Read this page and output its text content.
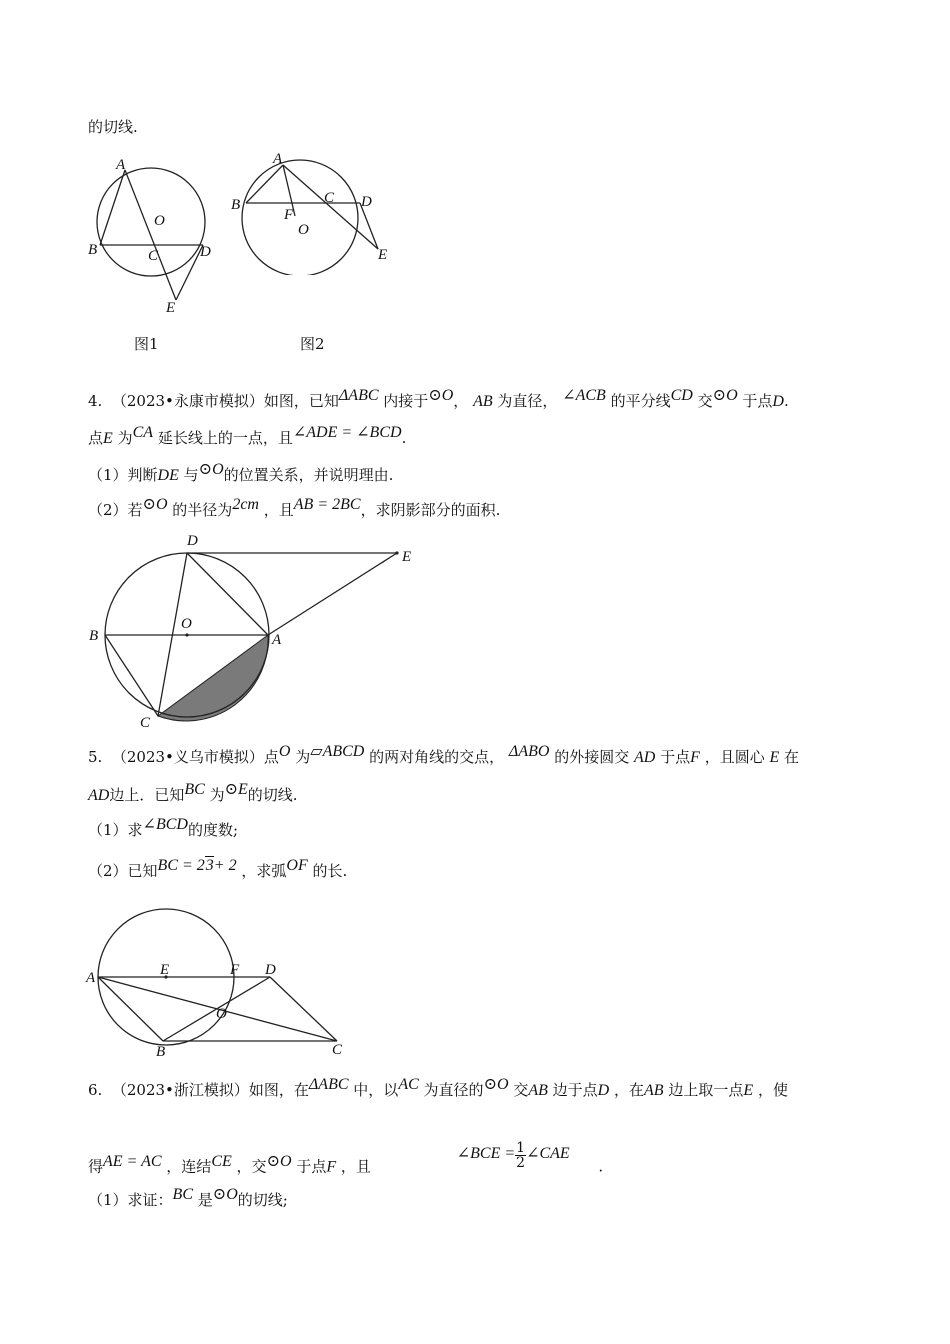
的切线.
A
B	C	D
E
O
A
B	C D
E
F
O
图1	图2
4. （2023•永康市模拟）如图，已知ΔABC 内接于⊙O， AB 为直径， ∠ACB 的平分线CD 交⊙O 于点D.
点E 为CA 延长线上的一点，且∠ADE = ∠BCD.
（1）判断DE 与⊙O的位置关系，并说明理由.
（2）若⊙O 的半径为2cm ，且AB = 2BC，求阴影部分的面积.
D
E
B
O
A
C
5. （2023•义乌市模拟）点O 为▱ABCD 的两对角线的交点， ΔABO 的外接圆交 AD 于点F ，且圆心 E 在
AD边上．已知BC 为⊙E的切线.
（1）求∠BCD的度数;
（2）已知BC = 23+ 2 ，求弧OF 的长.
A	E	F D
O
B	C
6. （2023•浙江模拟）如图，在ΔABC 中，以AC 为直径的⊙O 交AB 边于点D ，在AB 边上取一点E ，使
得AE = AC ，连结CE ，交⊙O 于点F ，且                  ∠BCE = $\frac{1}{2}$ ∠CAE      .
（1）求证：BC 是⊙O的切线;
